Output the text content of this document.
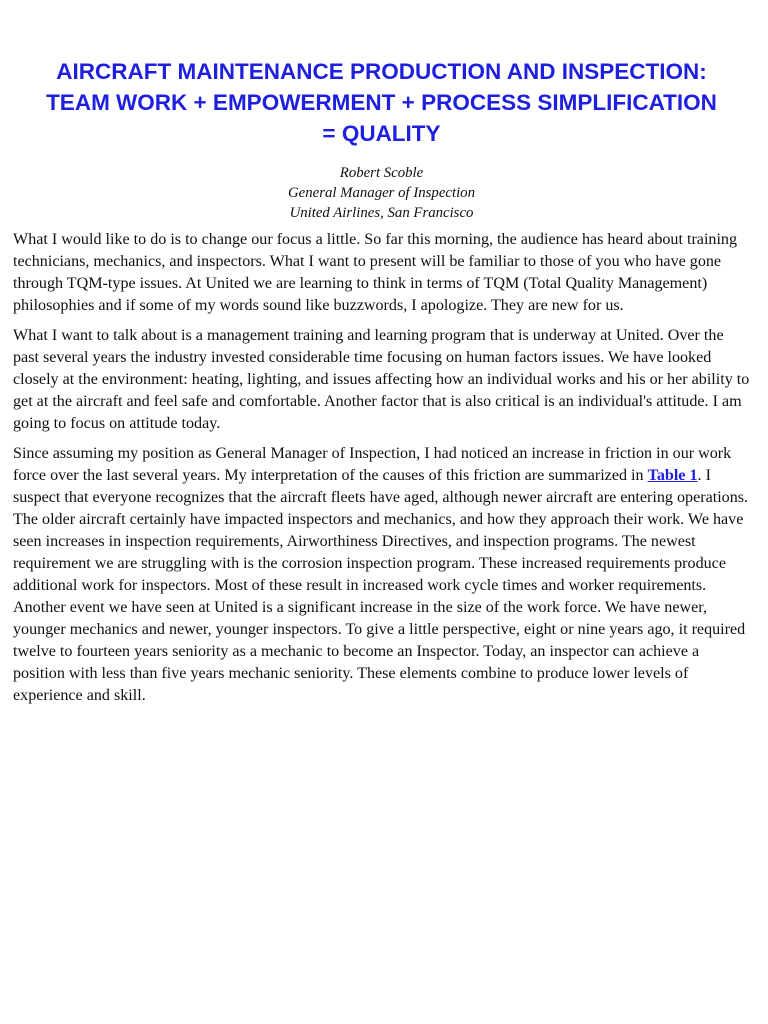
AIRCRAFT MAINTENANCE PRODUCTION AND INSPECTION:
TEAM WORK + EMPOWERMENT + PROCESS SIMPLIFICATION
= QUALITY
Robert Scoble
General Manager of Inspection
United Airlines, San Francisco

What I would like to do is to change our focus a little. So far this morning, the audience has heard about training technicians, mechanics, and inspectors. What I want to present will be familiar to those of you who have gone through TQM-type issues. At United we are learning to think in terms of TQM (Total Quality Management) philosophies and if some of my words sound like buzzwords, I apologize. They are new for us.

What I want to talk about is a management training and learning program that is underway at United. Over the past several years the industry invested considerable time focusing on human factors issues. We have looked closely at the environment: heating, lighting, and issues affecting how an individual works and his or her ability to get at the aircraft and feel safe and comfortable. Another factor that is also critical is an individual's attitude. I am going to focus on attitude today.

Since assuming my position as General Manager of Inspection, I had noticed an increase in friction in our work force over the last several years. My interpretation of the causes of this friction are summarized in Table 1. I suspect that everyone recognizes that the aircraft fleets have aged, although newer aircraft are entering operations. The older aircraft certainly have impacted inspectors and mechanics, and how they approach their work. We have seen increases in inspection requirements, Airworthiness Directives, and inspection programs. The newest requirement we are struggling with is the corrosion inspection program. These increased requirements produce additional work for inspectors. Most of these result in increased work cycle times and worker requirements. Another event we have seen at United is a significant increase in the size of the work force. We have newer, younger mechanics and newer, younger inspectors. To give a little perspective, eight or nine years ago, it required twelve to fourteen years seniority as a mechanic to become an Inspector. Today, an inspector can achieve a position with less than five years mechanic seniority. These elements combine to produce lower levels of experience and skill.
